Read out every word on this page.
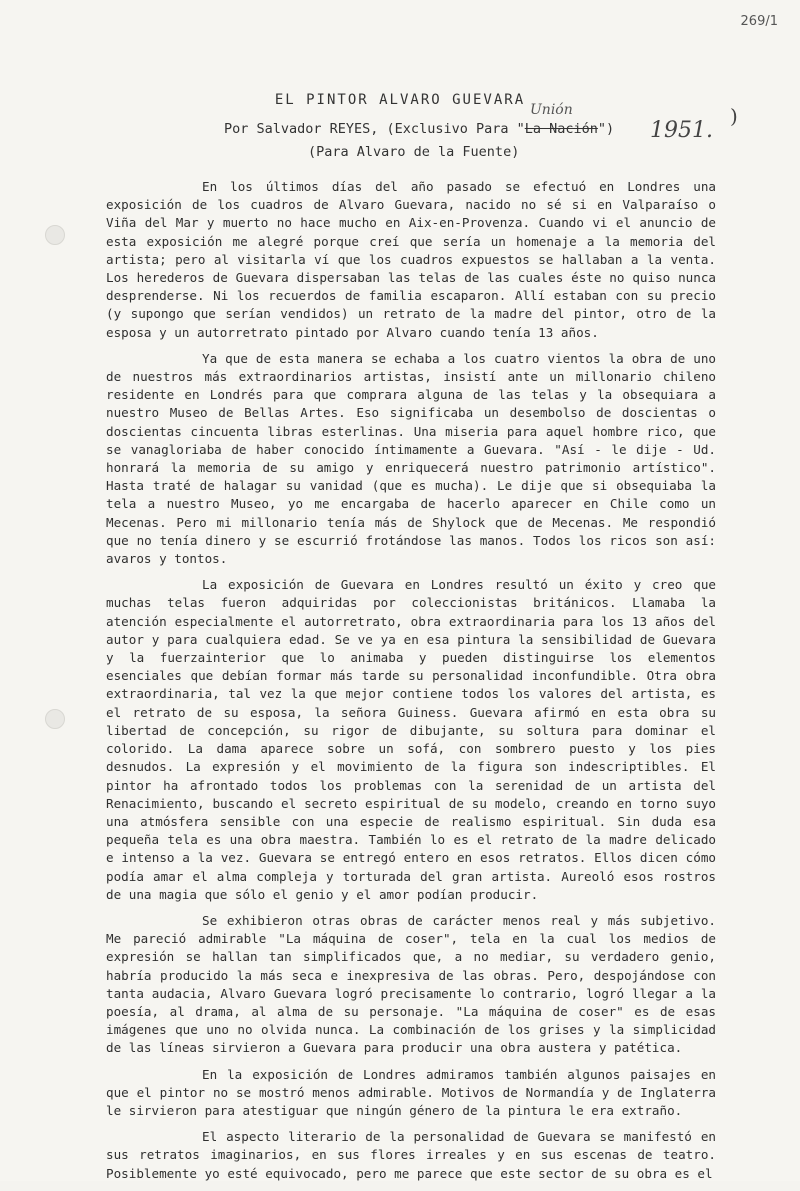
269/1
EL PINTOR ALVARO GUEVARA
Unión
1951.
)
Por Salvador REYES, (Exclusivo Para "La Nación")
(Para Alvaro de la Fuente)

En los últimos días del año pasado se efectuó en Londres una exposición de los cuadros de Alvaro Guevara, nacido no sé si en Valparaíso o Viña del Mar y muerto no hace mucho en Aix-en-Provenza. Cuando vi el anuncio de esta exposición me alegré porque creí que sería un homenaje a la memoria del artista; pero al visitarla ví que los cuadros expuestos se hallaban a la venta. Los herederos de Guevara dispersaban las telas de las cuales éste no quiso nunca desprenderse. Ni los recuerdos de familia escaparon. Allí estaban con su precio (y supongo que serían vendidos) un retrato de la madre del pintor, otro de la esposa y un autorretrato pintado por Alvaro cuando tenía 13 años.

Ya que de esta manera se echaba a los cuatro vientos la obra de uno de nuestros más extraordinarios artistas, insistí ante un millonario chileno residente en Londrés para que comprara alguna de las telas y la obsequiara a nuestro Museo de Bellas Artes. Eso significaba un desembolso de doscientas o doscientas cincuenta libras esterlinas. Una miseria para aquel hombre rico, que se vanagloriaba de haber conocido íntimamente a Guevara. "Así - le dije - Ud. honrará la memoria de su amigo y enriquecerá nuestro patrimonio artístico". Hasta traté de halagar su vanidad (que es mucha). Le dije que si obsequiaba la tela a nuestro Museo, yo me encargaba de hacerlo aparecer en Chile como un Mecenas. Pero mi millonario tenía más de Shylock que de Mecenas. Me respondió que no tenía dinero y se escurrió frotándose las manos. Todos los ricos son así: avaros y tontos.

La exposición de Guevara en Londres resultó un éxito y creo que muchas telas fueron adquiridas por coleccionistas británicos. Llamaba la atención especialmente el autorretrato, obra extraordinaria para los 13 años del autor y para cualquiera edad. Se ve ya en esa pintura la sensibilidad de Guevara y la fuerzainterior que lo animaba y pueden distinguirse los elementos esenciales que debían formar más tarde su personalidad inconfundible. Otra obra extraordinaria, tal vez la que mejor contiene todos los valores del artista, es el retrato de su esposa, la señora Guiness. Guevara afirmó en esta obra su libertad de concepción, su rigor de dibujante, su soltura para dominar el colorido. La dama aparece sobre un sofá, con sombrero puesto y los pies desnudos. La expresión y el movimiento de la figura son indescriptibles. El pintor ha afrontado todos los problemas con la serenidad de un artista del Renacimiento, buscando el secreto espiritual de su modelo, creando en torno suyo una atmósfera sensible con una especie de realismo espiritual. Sin duda esa pequeña tela es una obra maestra. También lo es el retrato de la madre delicado e intenso a la vez. Guevara se entregó entero en esos retratos. Ellos dicen cómo podía amar el alma compleja y torturada del gran artista. Aureoló esos rostros de una magia que sólo el genio y el amor podían producir.

Se exhibieron otras obras de carácter menos real y más subjetivo. Me pareció admirable "La máquina de coser", tela en la cual los medios de expresión se hallan tan simplificados que, a no mediar, su verdadero genio, habría producido la más seca e inexpresiva de las obras. Pero, despojándose con tanta audacia, Alvaro Guevara logró precisamente lo contrario, logró llegar a la poesía, al drama, al alma de su personaje. "La máquina de coser" es de esas imágenes que uno no olvida nunca. La combinación de los grises y la simplicidad de las líneas sirvieron a Guevara para producir una obra austera y patética.

En la exposición de Londres admiramos también algunos paisajes en que el pintor no se mostró menos admirable. Motivos de Normandía y de Inglaterra le sirvieron para atestiguar que ningún género de la pintura le era extraño.

El aspecto literario de la personalidad de Guevara se manifestó en sus retratos imaginarios, en sus flores irreales y en sus escenas de teatro. Posiblemente yo esté equivocado, pero me parece que este sector de su obra es el
